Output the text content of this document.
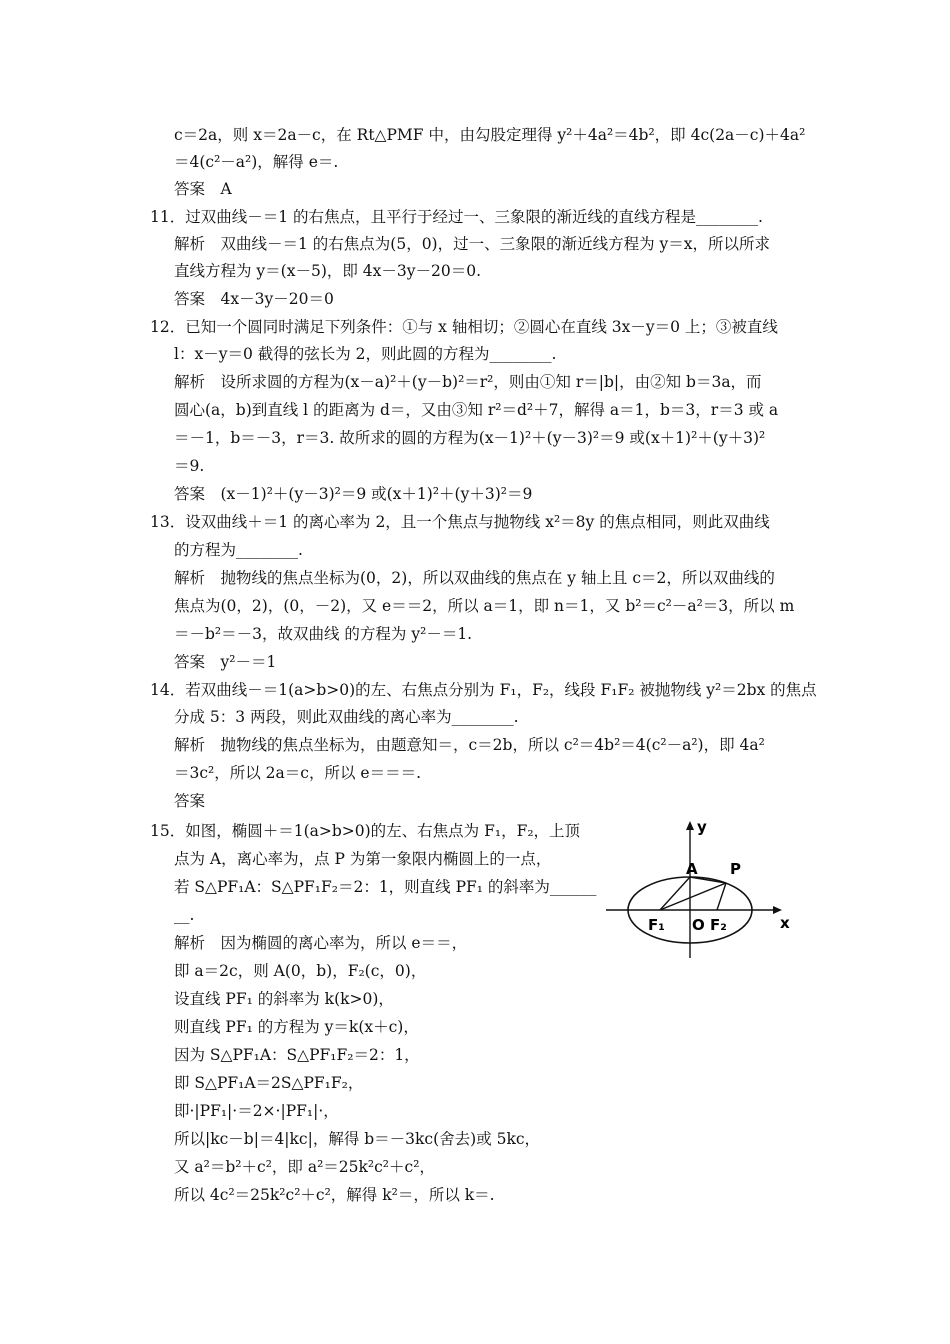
c＝2a，则 x＝2a－c，在 Rt△PMF 中，由勾股定理得 y²＋4a²＝4b²，即 4c(2a－c)＋4a²
＝4(c²－a²)，解得 e＝.
答案　A
11．过双曲线－＝1 的右焦点，且平行于经过一、三象限的渐近线的直线方程是________.
解析　双曲线－＝1 的右焦点为(5，0)，过一、三象限的渐近线方程为 y＝x，所以所求
直线方程为 y＝(x－5)，即 4x－3y－20＝0.
答案　4x－3y－20＝0
12．已知一个圆同时满足下列条件：①与 x 轴相切；②圆心在直线 3x－y＝0 上；③被直线
l：x－y＝0 截得的弦长为 2，则此圆的方程为________.
解析　设所求圆的方程为(x－a)²＋(y－b)²＝r²，则由①知 r＝|b|，由②知 b＝3a，而
圆心(a，b)到直线 l 的距离为 d＝，又由③知 r²＝d²＋7，解得 a＝1，b＝3，r＝3 或 a
＝－1，b＝－3，r＝3. 故所求的圆的方程为(x－1)²＋(y－3)²＝9 或(x＋1)²＋(y＋3)²
＝9.
答案　(x－1)²＋(y－3)²＝9 或(x＋1)²＋(y＋3)²＝9
13．设双曲线＋＝1 的离心率为 2，且一个焦点与抛物线 x²＝8y 的焦点相同，则此双曲线
的方程为________.
解析　抛物线的焦点坐标为(0，2)，所以双曲线的焦点在 y 轴上且 c＝2，所以双曲线的
焦点为(0，2)，(0，－2)，又 e＝＝2，所以 a＝1，即 n＝1，又 b²＝c²－a²＝3，所以 m
＝－b²＝－3，故双曲线 的方程为 y²－＝1.
答案　y²－＝1
14．若双曲线－＝1(a>b>0)的左、右焦点分别为 F₁，F₂，线段 F₁F₂ 被抛物线 y²＝2bx 的焦点
分成 5：3 两段，则此双曲线的离心率为________.
解析　抛物线的焦点坐标为，由题意知＝，c＝2b，所以 c²＝4b²＝4(c²－a²)，即 4a²
＝3c²，所以 2a＝c，所以 e＝＝＝.
答案
15．如图，椭圆＋＝1(a>b>0)的左、右焦点为 F₁，F₂，上顶
点为 A，离心率为，点 P 为第一象限内椭圆上的一点，
若 S△PF₁A：S△PF₁F₂＝2：1，则直线 PF₁ 的斜率为______
__.
解析　因为椭圆的离心率为，所以 e＝＝，
即 a＝2c，则 A(0，b)，F₂(c，0)，
设直线 PF₁ 的斜率为 k(k>0)，
则直线 PF₁ 的方程为 y＝k(x＋c)，
因为 S△PF₁A：S△PF₁F₂＝2：1，
即 S△PF₁A＝2S△PF₁F₂，
即·|PF₁|·＝2×·|PF₁|·，
所以|kc－b|＝4|kc|，解得 b＝－3kc(舍去)或 5kc，
又 a²＝b²＋c²，即 a²＝25k²c²＋c²，
所以 4c²＝25k²c²＋c²，解得 k²＝，所以 k＝.
y
x
A P
F₁ O F₂
